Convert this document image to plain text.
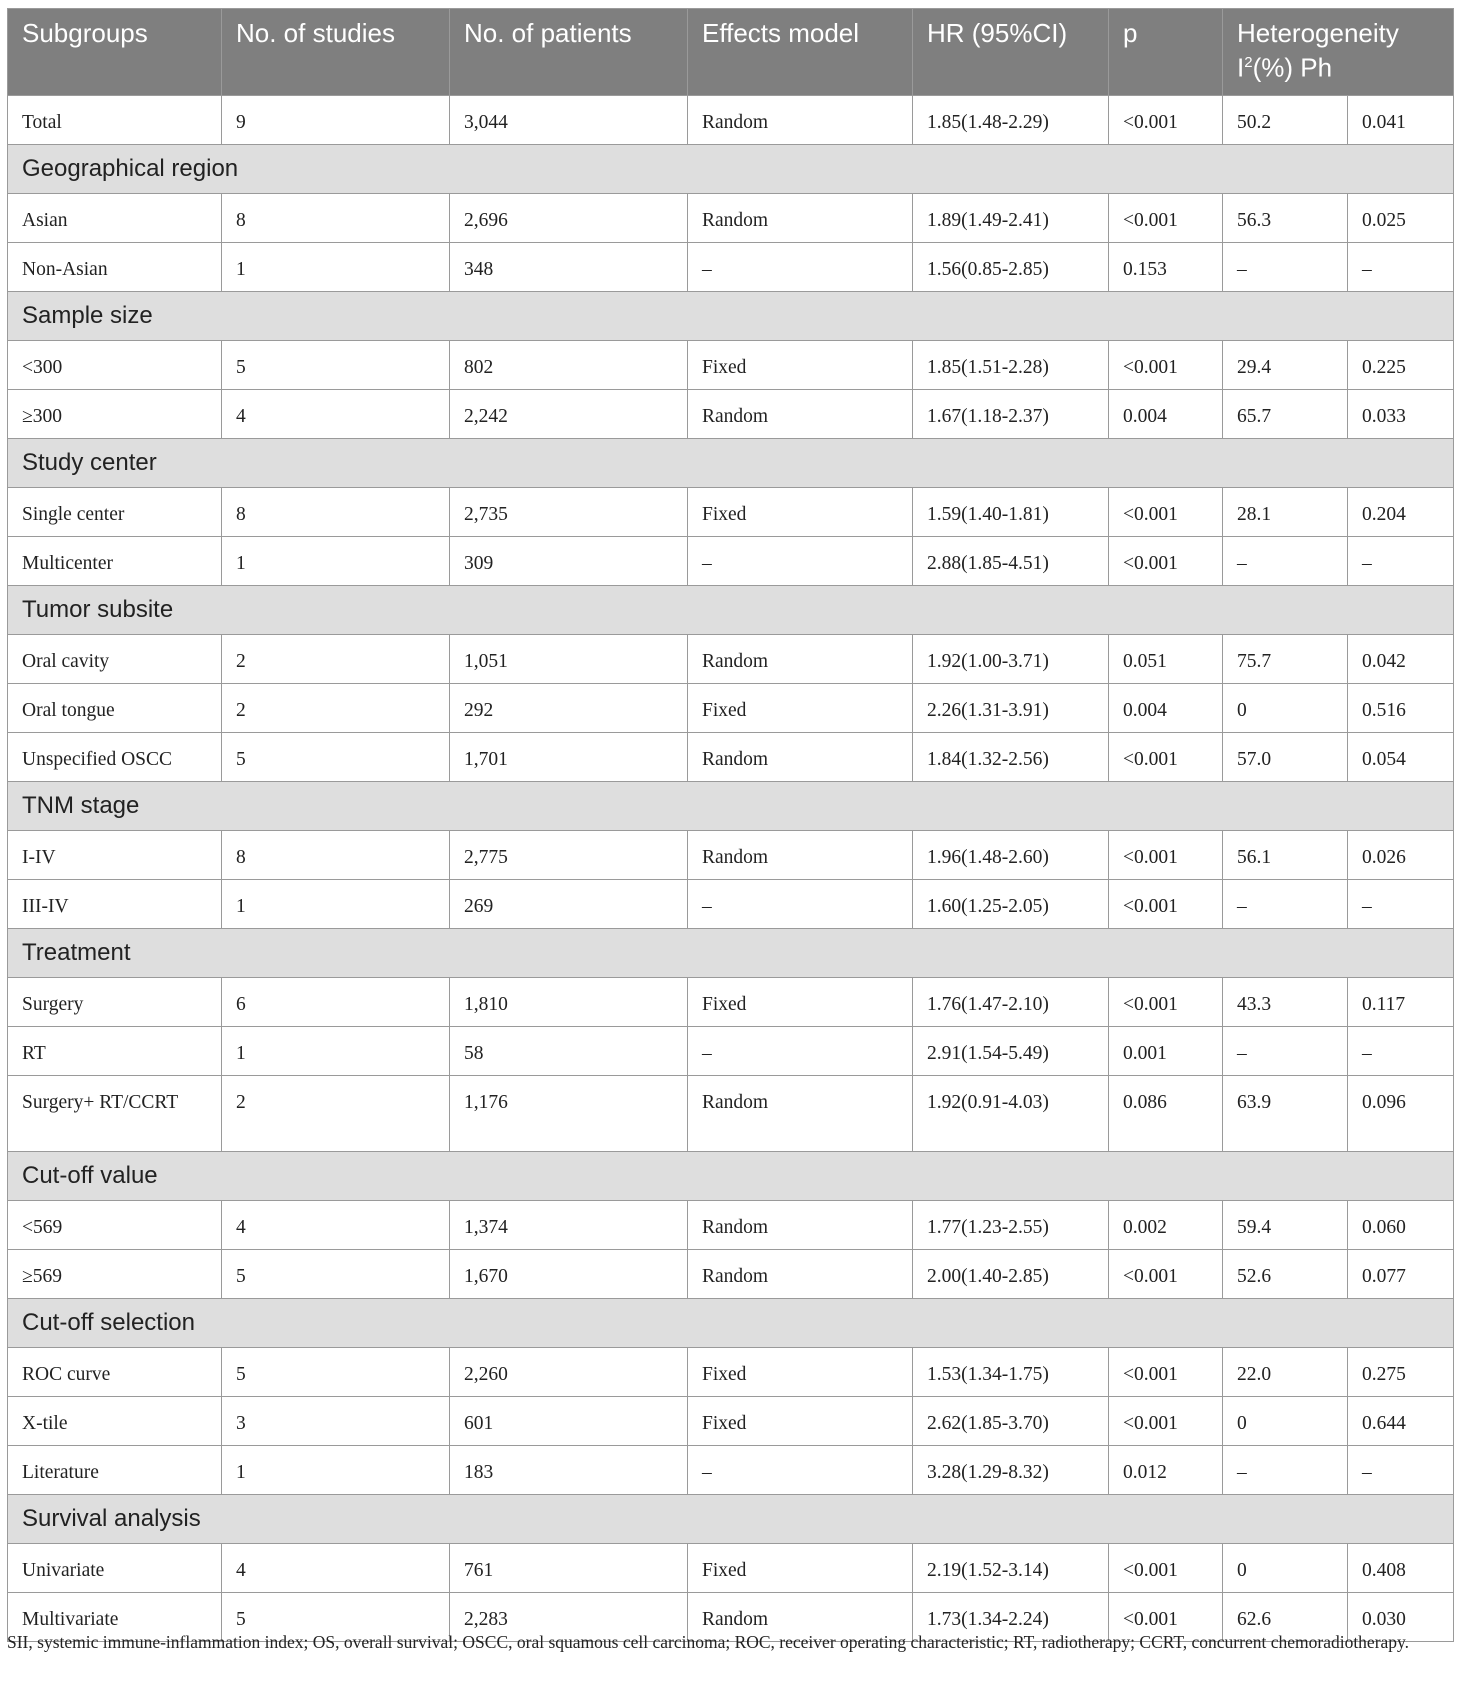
Subgroups	No. of studies	No. of patients	Effects model	HR (95%CI)	p	Heterogeneity
$I^2(\%)$ Ph	
Total	9	3,044	Random	1.85(1.48-2.29)	<0.001	50.2	0.041
Geographical region							
Asian	8	2,696	Random	1.89(1.49-2.41)	<0.001	56.3	0.025
Non-Asian	1	348	–	1.56(0.85-2.85)	0.153	–	–
Sample size							
<300	5	802	Fixed	1.85(1.51-2.28)	<0.001	29.4	0.225
≥300	4	2,242	Random	1.67(1.18-2.37)	0.004	65.7	0.033
Study center							
Single center	8	2,735	Fixed	1.59(1.40-1.81)	<0.001	28.1	0.204
Multicenter	1	309	–	2.88(1.85-4.51)	<0.001	–	–
Tumor subsite							
Oral cavity	2	1,051	Random	1.92(1.00-3.71)	0.051	75.7	0.042
Oral tongue	2	292	Fixed	2.26(1.31-3.91)	0.004	0	0.516
Unspecified OSCC	5	1,701	Random	1.84(1.32-2.56)	<0.001	57.0	0.054
TNM stage							
I-IV	8	2,775	Random	1.96(1.48-2.60)	<0.001	56.1	0.026
III-IV	1	269	–	1.60(1.25-2.05)	<0.001	–	–
Treatment							
Surgery	6	1,810	Fixed	1.76(1.47-2.10)	<0.001	43.3	0.117
RT	1	58	–	2.91(1.54-5.49)	0.001	–	–
Surgery+ RT/CCRT	2	1,176	Random	1.92(0.91-4.03)	0.086	63.9	0.096
Cut-off value							
<569	4	1,374	Random	1.77(1.23-2.55)	0.002	59.4	0.060
≥569	5	1,670	Random	2.00(1.40-2.85)	<0.001	52.6	0.077
Cut-off selection							
ROC curve	5	2,260	Fixed	1.53(1.34-1.75)	<0.001	22.0	0.275
X-tile	3	601	Fixed	2.62(1.85-3.70)	<0.001	0	0.644
Literature	1	183	–	3.28(1.29-8.32)	0.012	–	–
Survival analysis							
Univariate	4	761	Fixed	2.19(1.52-3.14)	<0.001	0	0.408
Multivariate	5	2,283	Random	1.73(1.34-2.24)	<0.001	62.6	0.030
SII, systemic immune-inflammation index; OS, overall survival; OSCC, oral squamous cell carcinoma; ROC, receiver operating characteristic; RT, radiotherapy; CCRT, concurrent chemoradiotherapy.
